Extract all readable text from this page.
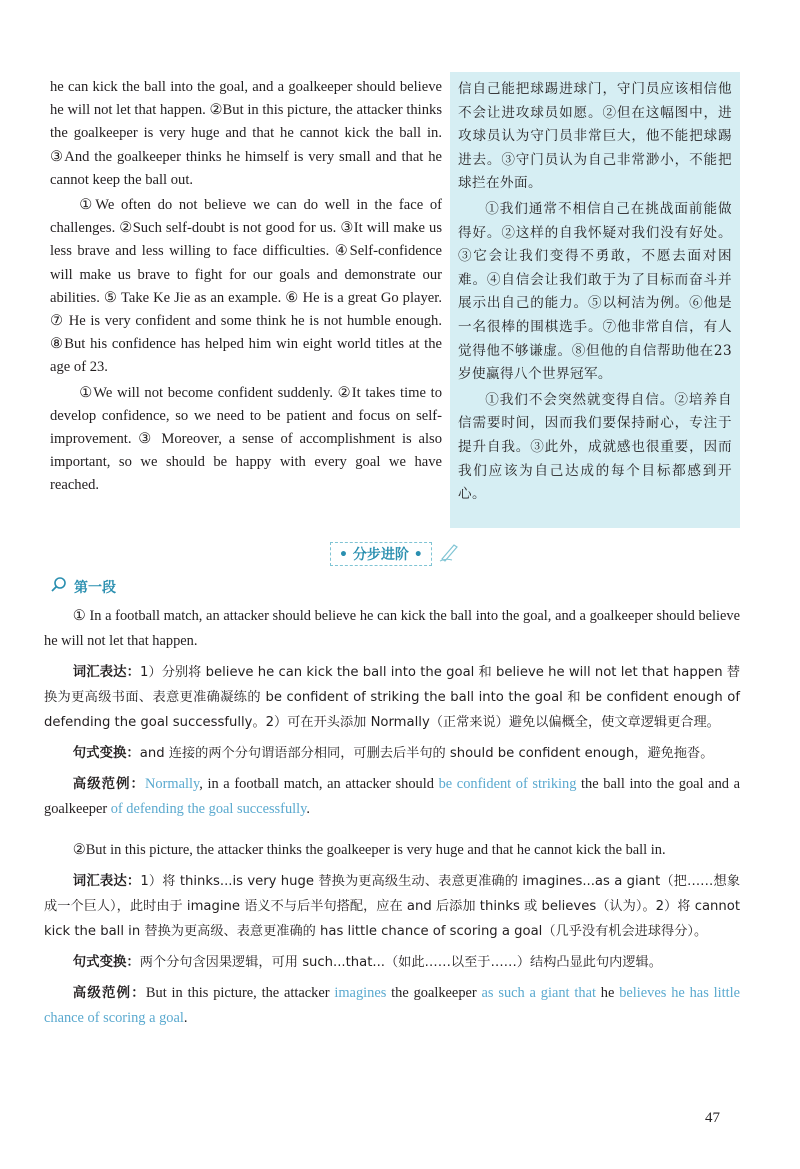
he can kick the ball into the goal, and a goalkeeper should believe he will not let that happen. ②But in this picture, the attacker thinks the goalkeeper is very huge and that he cannot kick the ball in. ③And the goalkeeper thinks he himself is very small and that he cannot keep the ball out.

①We often do not believe we can do well in the face of challenges. ②Such self-doubt is not good for us. ③It will make us less brave and less willing to face difficulties. ④Self-confidence will make us brave to fight for our goals and demonstrate our abilities. ⑤ Take Ke Jie as an example. ⑥ He is a great Go player. ⑦ He is very confident and some think he is not humble enough. ⑧But his confidence has helped him win eight world titles at the age of 23.

①We will not become confident suddenly. ②It takes time to develop confidence, so we need to be patient and focus on self-improvement. ③ Moreover, a sense of accomplishment is also important, so we should be happy with every goal we have reached.

信自己能把球踢进球门，守门员应该相信他不会让进攻球员如愿。②但在这幅图中，进攻球员认为守门员非常巨大，他不能把球踢进去。③守门员认为自己非常渺小，不能把球拦在外面。

①我们通常不相信自己在挑战面前能做得好。②这样的自我怀疑对我们没有好处。③它会让我们变得不勇敢，不愿去面对困难。④自信会让我们敢于为了目标而奋斗并展示出自己的能力。⑤以柯洁为例。⑥他是一名很棒的围棋选手。⑦他非常自信，有人觉得他不够谦虚。⑧但他的自信帮助他在23岁使赢得八个世界冠军。

①我们不会突然就变得自信。②培养自信需要时间，因而我们要保持耐心，专注于提升自我。③此外，成就感也很重要，因而我们应该为自己达成的每个目标都感到开心。

• 分步进阶 •
第一段

① In a football match, an attacker should believe he can kick the ball into the goal, and a goalkeeper should believe he will not let that happen.

词汇表达：1）分别将 believe he can kick the ball into the goal 和 believe he will not let that happen 替换为更高级书面、表意更准确凝练的 be confident of striking the ball into the goal 和 be confident enough of defending the goal successfully。2）可在开头添加 Normally（正常来说）避免以偏概全，使文章逻辑更合理。

句式变换：and 连接的两个分句谓语部分相同，可删去后半句的 should be confident enough，避免拖沓。

高级范例：Normally, in a football match, an attacker should be confident of striking the ball into the goal and a goalkeeper of defending the goal successfully.

②But in this picture, the attacker thinks the goalkeeper is very huge and that he cannot kick the ball in.

词汇表达：1）将 thinks...is very huge 替换为更高级生动、表意更准确的 imagines...as a giant（把……想象成一个巨人），此时由于 imagine 语义不与后半句搭配，应在 and 后添加 thinks 或 believes（认为）。2）将 cannot kick the ball in 替换为更高级、表意更准确的 has little chance of scoring a goal（几乎没有机会进球得分）。

句式变换：两个分句含因果逻辑，可用 such...that...（如此……以至于……）结构凸显此句内逻辑。

高级范例：But in this picture, the attacker imagines the goalkeeper as such a giant that he believes he has little chance of scoring a goal.

47
